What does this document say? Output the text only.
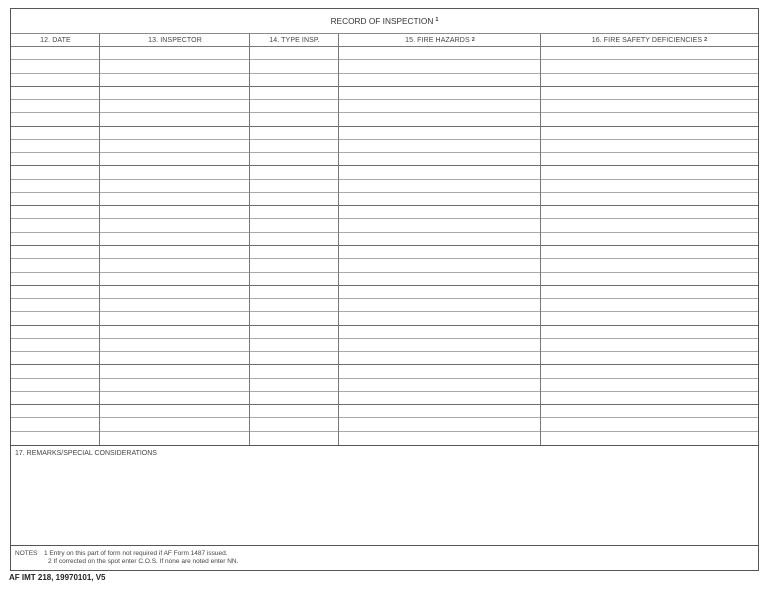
RECORD OF INSPECTION $^1$
12. DATE	13. INSPECTOR	14. TYPE INSP.	15. FIRE HAZARDS $^2$	16. FIRE SAFETY DEFICIENCIES $^2$
17. REMARKS/SPECIAL CONSIDERATIONS
NOTES 1 Entry on this part of form not required if AF Form 1487 issued.
2 If corrected on the spot enter C.O.S. If none are noted enter NN.
AF IMT 218, 19970101, V5
